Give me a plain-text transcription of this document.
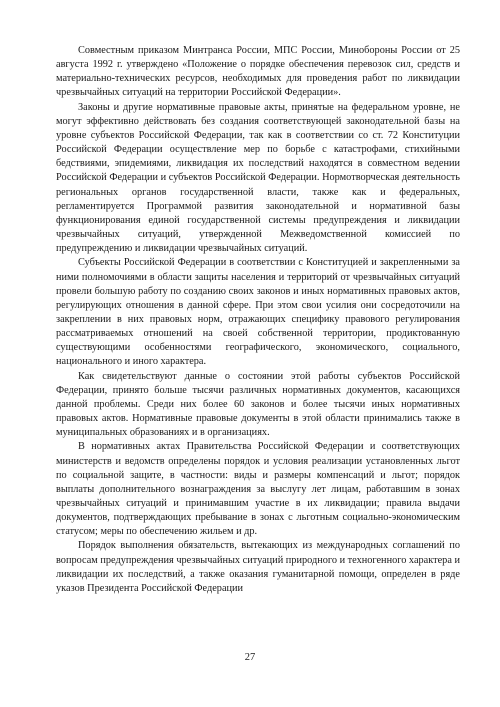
Совместным приказом Минтранса России, МПС России, Минобороны России от 25 августа 1992 г. утверждено «Положение о порядке обеспечения перевозок сил, средств и материально-технических ресурсов, необходимых для проведения работ по ликвидации чрезвычайных ситуаций на территории Российской Федерации».

Законы и другие нормативные правовые акты, принятые на федеральном уровне, не могут эффективно действовать без создания соответствующей законодательной базы на уровне субъектов Российской Федерации, так как в соответствии со ст. 72 Конституции Российской Федерации осуществление мер по борьбе с катастрофами, стихийными бедствиями, эпидемиями, ликвидация их последствий находятся в совместном ведении Российской Федерации и субъектов Российской Федерации. Нормотворческая деятельность региональных органов государственной власти, также как и федеральных, регламентируется Программой развития законодательной и нормативной базы функционирования единой государственной системы предупреждения и ликвидации чрезвычайных ситуаций, утвержденной Межведомственной комиссией по предупреждению и ликвидации чрезвычайных ситуаций.

Субъекты Российской Федерации в соответствии с Конституцией и закрепленными за ними полномочиями в области защиты населения и территорий от чрезвычайных ситуаций провели большую работу по созданию своих законов и иных нормативных правовых актов, регулирующих отношения в данной сфере. При этом свои усилия они сосредоточили на закреплении в них правовых норм, отражающих специфику правового регулирования рассматриваемых отношений на своей собственной территории, продиктованную существующими особенностями географического, экономического, социального, национального и иного характера.

Как свидетельствуют данные о состоянии этой работы субъектов Российской Федерации, принято больше тысячи различных нормативных документов, касающихся данной проблемы. Среди них более 60 законов и более тысячи иных нормативных правовых актов. Нормативные правовые документы в этой области принимались также в муниципальных образованиях и в организациях.

В нормативных актах Правительства Российской Федерации и соответствующих министерств и ведомств определены порядок и условия реализации установленных льгот по социальной защите, в частности: виды и размеры компенсаций и льгот; порядок выплаты дополнительного вознаграждения за выслугу лет лицам, работавшим в зонах чрезвычайных ситуаций и принимавшим участие в их ликвидации; правила выдачи документов, подтверждающих пребывание в зонах с льготным социально-экономическим статусом; меры по обеспечению жильем и др.

Порядок выполнения обязательств, вытекающих из международных соглашений по вопросам предупреждения чрезвычайных ситуаций природного и техногенного характера и ликвидации их последствий, а также оказания гуманитарной помощи, определен в ряде указов Президента Российской Федерации

27
